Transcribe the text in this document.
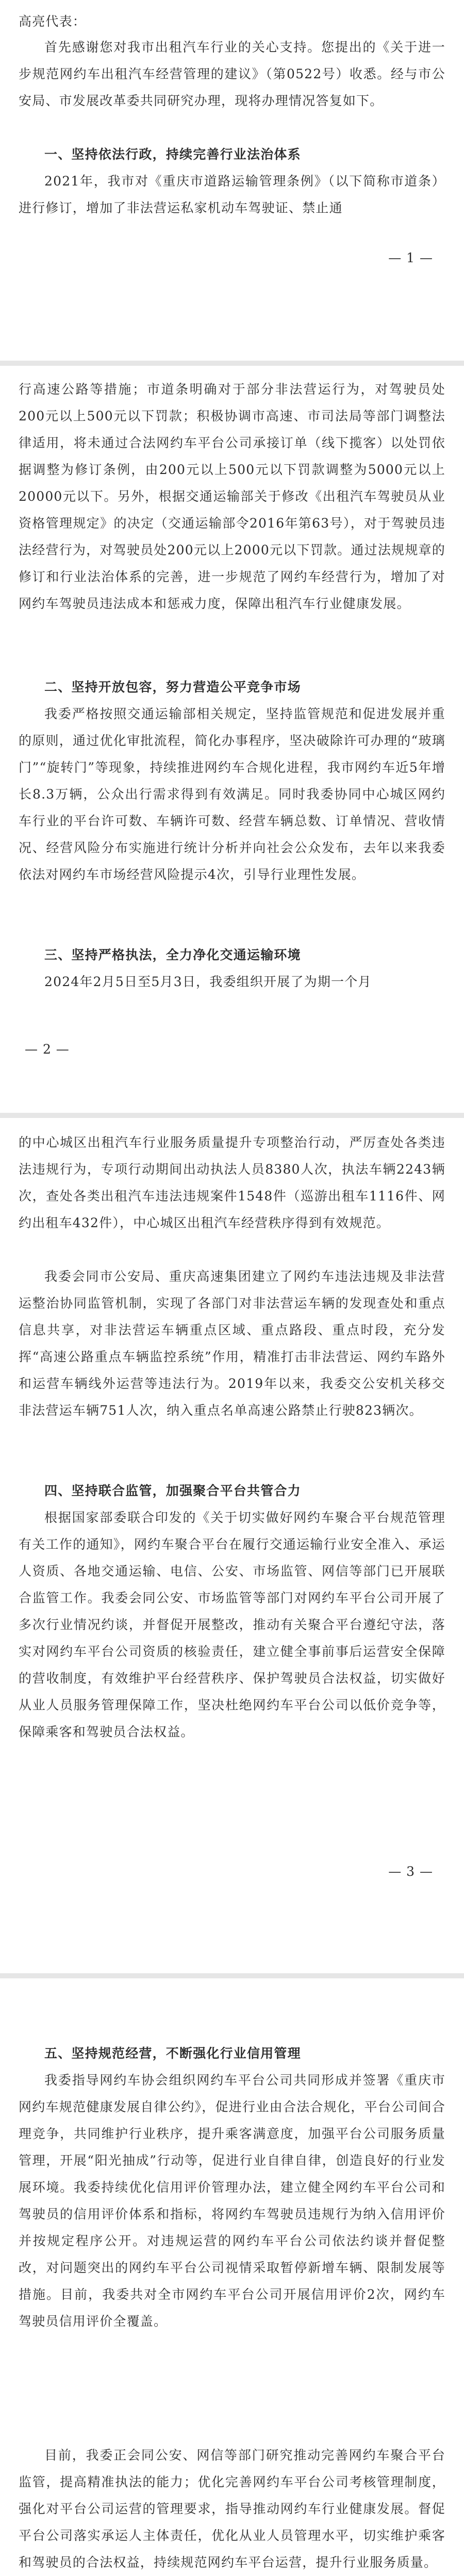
高亮代表：

首先感谢您对我市出租汽车行业的关心支持。您提出的《关于进一步规范网约车出租汽车经营管理的建议》（第0522号）收悉。经与市公安局、市发展改革委共同研究办理，现将办理情况答复如下。

一、坚持依法行政，持续完善行业法治体系

2021年，我市对《重庆市道路运输管理条例》（以下简称市道条）进行修订，增加了非法营运私家机动车驾驶证、禁止通

— 1 —

行高速公路等措施；市道条明确对于部分非法营运行为，对驾驶员处200元以上500元以下罚款；积极协调市高速、市司法局等部门调整法律适用，将未通过合法网约车平台公司承接订单（线下揽客）以处罚依据调整为修订条例，由200元以上500元以下罚款调整为5000元以上20000元以下。另外，根据交通运输部关于修改《出租汽车驾驶员从业资格管理规定》的决定（交通运输部令2016年第63号），对于驾驶员违法经营行为，对驾驶员处200元以上2000元以下罚款。通过法规规章的修订和行业法治体系的完善，进一步规范了网约车经营行为，增加了对网约车驾驶员违法成本和惩戒力度，保障出租汽车行业健康发展。

二、坚持开放包容，努力营造公平竞争市场

我委严格按照交通运输部相关规定，坚持监管规范和促进发展并重的原则，通过优化审批流程，简化办事程序，坚决破除许可办理的“玻璃门”“旋转门”等现象，持续推进网约车合规化进程，我市网约车近5年增长8.3万辆，公众出行需求得到有效满足。同时我委协同中心城区网约车行业的平台许可数、车辆许可数、经营车辆总数、订单情况、营收情况、经营风险分布实施进行统计分析并向社会公众发布，去年以来我委依法对网约车市场经营风险提示4次，引导行业理性发展。

三、坚持严格执法，全力净化交通运输环境

2024年2月5日至5月3日，我委组织开展了为期一个月

— 2 —

的中心城区出租汽车行业服务质量提升专项整治行动，严厉查处各类违法违规行为，专项行动期间出动执法人员8380人次，执法车辆2243辆次，查处各类出租汽车违法违规案件1548件（巡游出租车1116件、网约出租车432件），中心城区出租汽车经营秩序得到有效规范。

我委会同市公安局、重庆高速集团建立了网约车违法违规及非法营运整治协同监管机制，实现了各部门对非法营运车辆的发现查处和重点信息共享，对非法营运车辆重点区域、重点路段、重点时段，充分发挥“高速公路重点车辆监控系统”作用，精准打击非法营运、网约车路外和运营车辆线外运营等违法行为。2019年以来，我委交公安机关移交非法营运车辆751人次，纳入重点名单高速公路禁止行驶823辆次。

四、坚持联合监管，加强聚合平台共管合力

根据国家部委联合印发的《关于切实做好网约车聚合平台规范管理有关工作的通知》，网约车聚合平台在履行交通运输行业安全准入、承运人资质、各地交通运输、电信、公安、市场监管、网信等部门已开展联合监管工作。我委会同公安、市场监管等部门对网约车平台公司开展了多次行业情况约谈，并督促开展整改，推动有关聚合平台遵纪守法，落实对网约车平台公司资质的核验责任，建立健全事前事后运营安全保障的营收制度，有效维护平台经营秩序、保护驾驶员合法权益，切实做好从业人员服务管理保障工作，坚决杜绝网约车平台公司以低价竞争等，保障乘客和驾驶员合法权益。

— 3 —

五、坚持规范经营，不断强化行业信用管理

我委指导网约车协会组织网约车平台公司共同形成并签署《重庆市网约车规范健康发展自律公约》，促进行业由合法合规化，平台公司间合理竞争，共同维护行业秩序，提升乘客满意度，加强平台公司服务质量管理，开展“阳光抽成”行动等，促进行业自律自律，创造良好的行业发展环境。我委持续优化信用评价管理办法，建立健全网约车平台公司和驾驶员的信用评价体系和指标，将网约车驾驶员违规行为纳入信用评价并按规定程序公开。对违规运营的网约车平台公司依法约谈并督促整改，对问题突出的网约车平台公司视情采取暂停新增车辆、限制发展等措施。目前，我委共对全市网约车平台公司开展信用评价2次，网约车驾驶员信用评价全覆盖。

目前，我委正会同公安、网信等部门研究推动完善网约车聚合平台监管，提高精准执法的能力；优化完善网约车平台公司考核管理制度，强化对平台公司运营的管理要求，指导推动网约车行业健康发展。督促平台公司落实承运人主体责任，优化从业人员管理水平，切实维护乘客和驾驶员的合法权益，持续规范网约车平台运营，提升行业服务质量。
